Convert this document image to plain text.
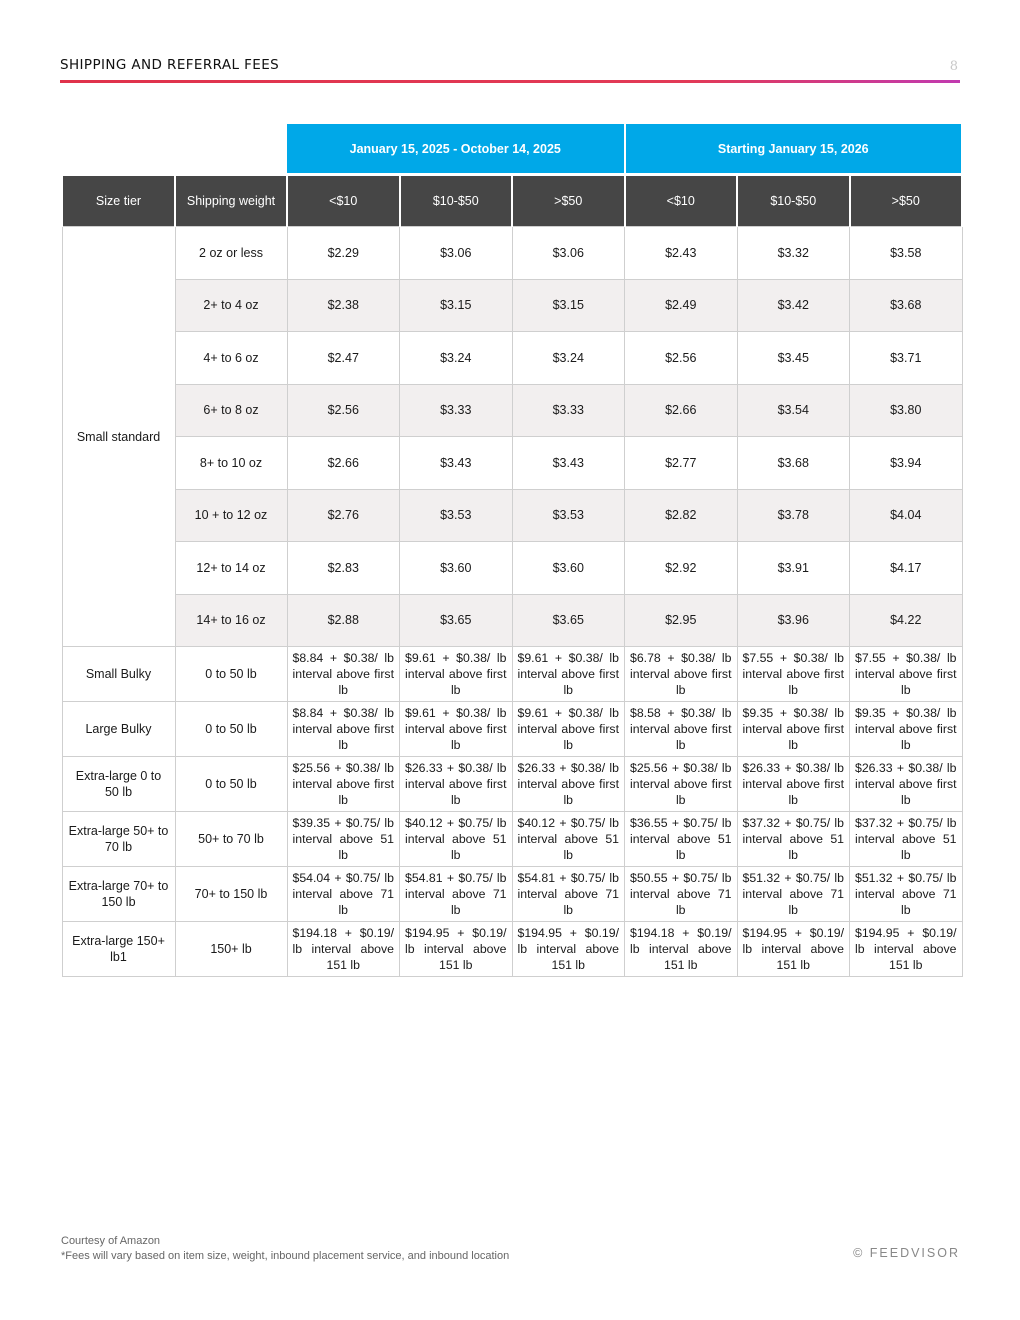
SHIPPING AND REFERRAL FEES	8
		January 15, 2025 - October 14, 2025			Starting January 15, 2026		

Size tier	Shipping weight	<$10	$10-$50	>$50	<$10	$10-$50	>$50
Small standard	2 oz or less	$2.29	$3.06	$3.06	$2.43	$3.32	$3.58
	2+ to 4 oz	$2.38	$3.15	$3.15	$2.49	$3.42	$3.68
	4+ to 6 oz	$2.47	$3.24	$3.24	$2.56	$3.45	$3.71
	6+ to 8 oz	$2.56	$3.33	$3.33	$2.66	$3.54	$3.80
	8+ to 10 oz	$2.66	$3.43	$3.43	$2.77	$3.68	$3.94
	10 + to 12 oz	$2.76	$3.53	$3.53	$2.82	$3.78	$4.04
	12+ to 14 oz	$2.83	$3.60	$3.60	$2.92	$3.91	$4.17
	14+ to 16 oz	$2.88	$3.65	$3.65	$2.95	$3.96	$4.22
Small Bulky	0 to 50 lb	$8.84 + $0.38/ lb interval above first lb	$9.61 + $0.38/ lb interval above first lb	$9.61 + $0.38/ lb interval above first lb	$6.78 + $0.38/ lb interval above first lb	$7.55 + $0.38/ lb interval above first lb	$7.55 + $0.38/ lb interval above first lb
Large Bulky	0 to 50 lb	$8.84 + $0.38/ lb interval above first lb	$9.61 + $0.38/ lb interval above first lb	$9.61 + $0.38/ lb interval above first lb	$8.58 + $0.38/ lb interval above first lb	$9.35 + $0.38/ lb interval above first lb	$9.35 + $0.38/ lb interval above first lb
Extra-large 0 to 50 lb	0 to 50 lb	$25.56 + $0.38/ lb interval above first lb	$26.33 + $0.38/ lb interval above first lb	$26.33 + $0.38/ lb interval above first lb	$25.56 + $0.38/ lb interval above first lb	$26.33 + $0.38/ lb interval above first lb	$26.33 + $0.38/ lb interval above first lb
Extra-large 50+ to 70 lb	50+ to 70 lb	$39.35 + $0.75/ lb interval above 51 lb	$40.12 + $0.75/ lb interval above 51 lb	$40.12 + $0.75/ lb interval above 51 lb	$36.55 + $0.75/ lb interval above 51 lb	$37.32 + $0.75/ lb interval above 51 lb	$37.32 + $0.75/ lb interval above 51 lb
Extra-large 70+ to 150 lb	70+ to 150 lb	$54.04 + $0.75/ lb interval above 71 lb	$54.81 + $0.75/ lb interval above 71 lb	$54.81 + $0.75/ lb interval above 71 lb	$50.55 + $0.75/ lb interval above 71 lb	$51.32 + $0.75/ lb interval above 71 lb	$51.32 + $0.75/ lb interval above 71 lb
Extra-large 150+ lb1	150+ lb	$194.18 + $0.19/ lb interval above 151 lb	$194.95 + $0.19/ lb interval above 151 lb	$194.95 + $0.19/ lb interval above 151 lb	$194.18 + $0.19/ lb interval above 151 lb	$194.95 + $0.19/ lb interval above 151 lb	$194.95 + $0.19/ lb interval above 151 lb
Courtesy of Amazon
*Fees will vary based on item size, weight, inbound placement service, and inbound location	© FEEDVISOR
